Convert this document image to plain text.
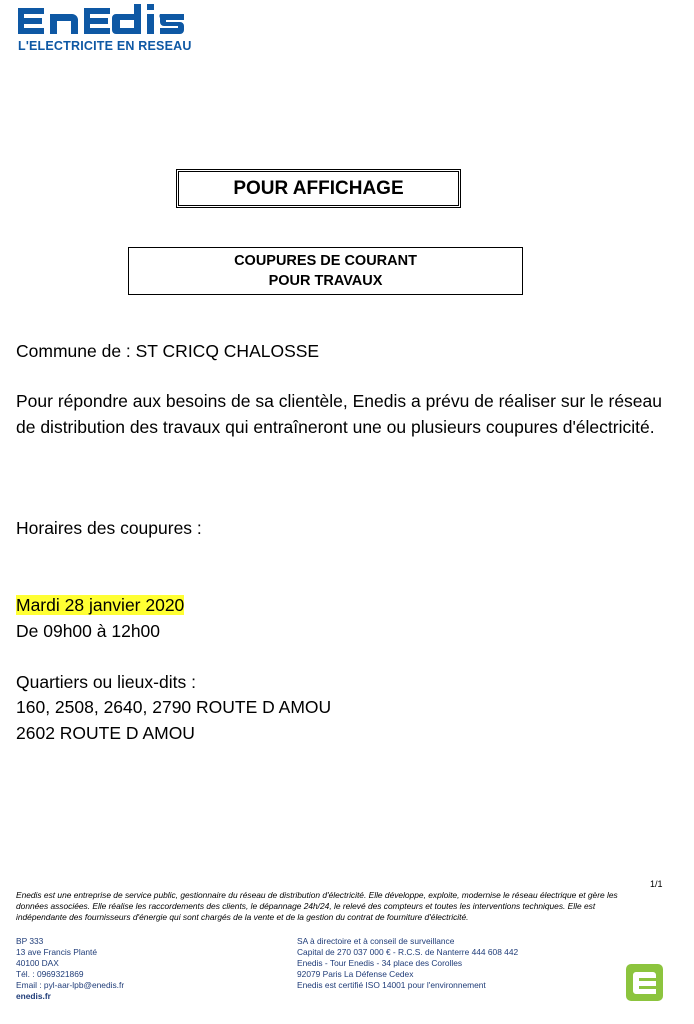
L'ELECTRICITE EN RESEAU
POUR AFFICHAGE
COUPURES DE COURANT
POUR TRAVAUX
Commune de : ST CRICQ CHALOSSE
Pour répondre aux besoins de sa clientèle, Enedis a prévu de réaliser sur le réseau de distribution des travaux qui entraîneront une ou plusieurs coupures d'électricité.
Horaires des coupures :
Mardi 28 janvier 2020
De 09h00 à 12h00
Quartiers ou lieux-dits :
160, 2508, 2640, 2790 ROUTE D AMOU
2602 ROUTE D AMOU
1/1
Enedis est une entreprise de service public, gestionnaire du réseau de distribution d'électricité. Elle développe, exploite, modernise le réseau électrique et gère les données associées. Elle réalise les raccordements des clients, le dépannage 24h/24, le relevé des compteurs et toutes les interventions techniques. Elle est indépendante des fournisseurs d'énergie qui sont chargés de la vente et de la gestion du contrat de fourniture d'électricité.
BP 333
13 ave Francis Planté
40100 DAX
Tél. : 0969321869
Email : pyl-aar-lpb@enedis.fr
enedis.fr
SA à directoire et à conseil de surveillance
Capital de 270 037 000 € - R.C.S. de Nanterre 444 608 442
Enedis - Tour Enedis - 34 place des Corolles
92079 Paris La Défense Cedex
Enedis est certifié ISO 14001 pour l'environnement
